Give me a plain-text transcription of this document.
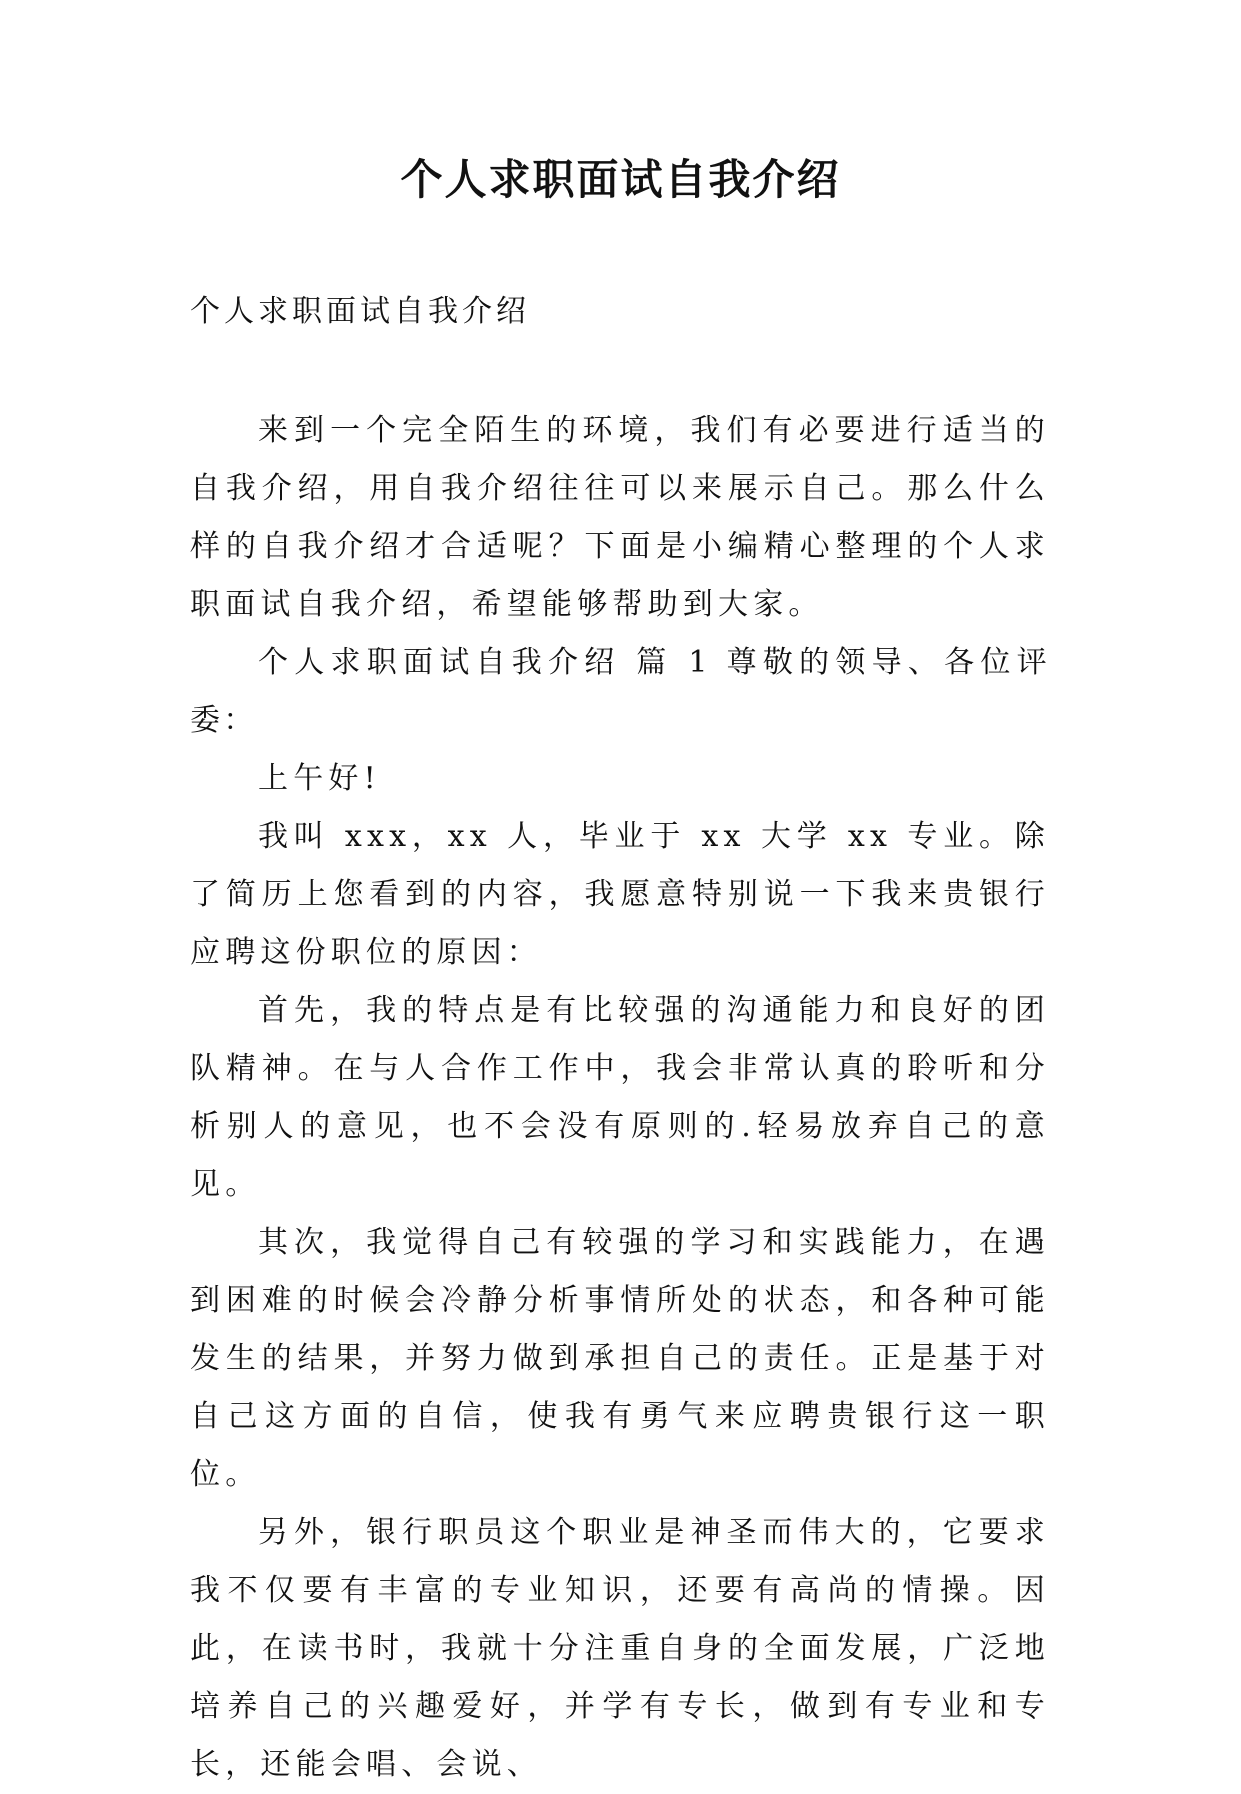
个人求职面试自我介绍

个人求职面试自我介绍

来到一个完全陌生的环境，我们有必要进行适当的自我介绍，用自我介绍往往可以来展示自己。那么什么样的自我介绍才合适呢？下面是小编精心整理的个人求职面试自我介绍，希望能够帮助到大家。

个人求职面试自我介绍 篇 1 尊敬的领导、各位评委：

上午好!

我叫 xxx，xx 人，毕业于 xx 大学 xx 专业。除了简历上您看到的内容，我愿意特别说一下我来贵银行应聘这份职位的原因：

首先，我的特点是有比较强的沟通能力和良好的团队精神。在与人合作工作中，我会非常认真的聆听和分析别人的意见，也不会没有原则的.轻易放弃自己的意见。

其次，我觉得自己有较强的学习和实践能力，在遇到困难的时候会冷静分析事情所处的状态，和各种可能发生的结果，并努力做到承担自己的责任。正是基于对自己这方面的自信，使我有勇气来应聘贵银行这一职位。

另外，银行职员这个职业是神圣而伟大的，它要求我不仅要有丰富的专业知识，还要有高尚的情操。因此，在读书时，我就十分注重自身的全面发展，广泛地培养自己的兴趣爱好，并学有专长，做到有专业和专长，还能会唱、会说、
